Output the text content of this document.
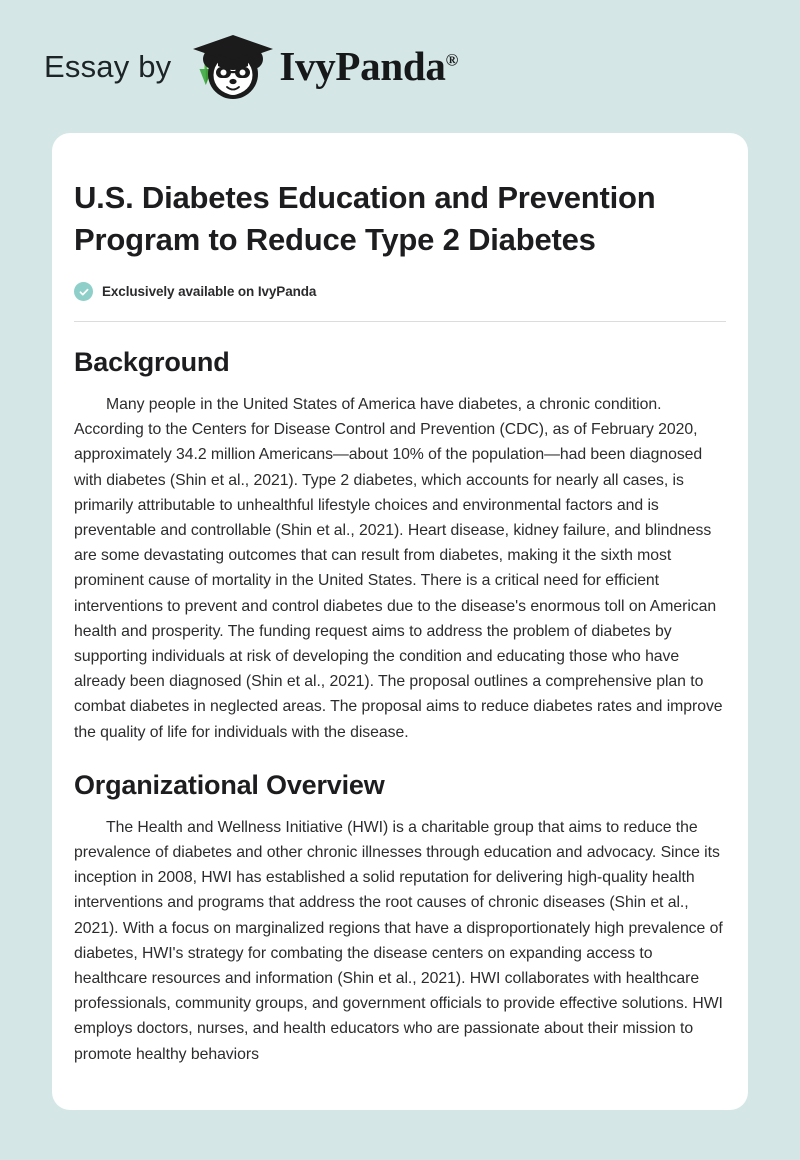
Essay by	IvyPanda®
U.S. Diabetes Education and Prevention Program to Reduce Type 2 Diabetes
Exclusively available on IvyPanda
Background

Many people in the United States of America have diabetes, a chronic condition. According to the Centers for Disease Control and Prevention (CDC), as of February 2020, approximately 34.2 million Americans—about 10% of the population—had been diagnosed with diabetes (Shin et al., 2021). Type 2 diabetes, which accounts for nearly all cases, is primarily attributable to unhealthful lifestyle choices and environmental factors and is preventable and controllable (Shin et al., 2021). Heart disease, kidney failure, and blindness are some devastating outcomes that can result from diabetes, making it the sixth most prominent cause of mortality in the United States. There is a critical need for efficient interventions to prevent and control diabetes due to the disease's enormous toll on American health and prosperity. The funding request aims to address the problem of diabetes by supporting individuals at risk of developing the condition and educating those who have already been diagnosed (Shin et al., 2021). The proposal outlines a comprehensive plan to combat diabetes in neglected areas. The proposal aims to reduce diabetes rates and improve the quality of life for individuals with the disease.

Organizational Overview

The Health and Wellness Initiative (HWI) is a charitable group that aims to reduce the prevalence of diabetes and other chronic illnesses through education and advocacy. Since its inception in 2008, HWI has established a solid reputation for delivering high-quality health interventions and programs that address the root causes of chronic diseases (Shin et al., 2021). With a focus on marginalized regions that have a disproportionately high prevalence of diabetes, HWI's strategy for combating the disease centers on expanding access to healthcare resources and information (Shin et al., 2021). HWI collaborates with healthcare professionals, community groups, and government officials to provide effective solutions. HWI employs doctors, nurses, and health educators who are passionate about their mission to promote healthy behaviors
